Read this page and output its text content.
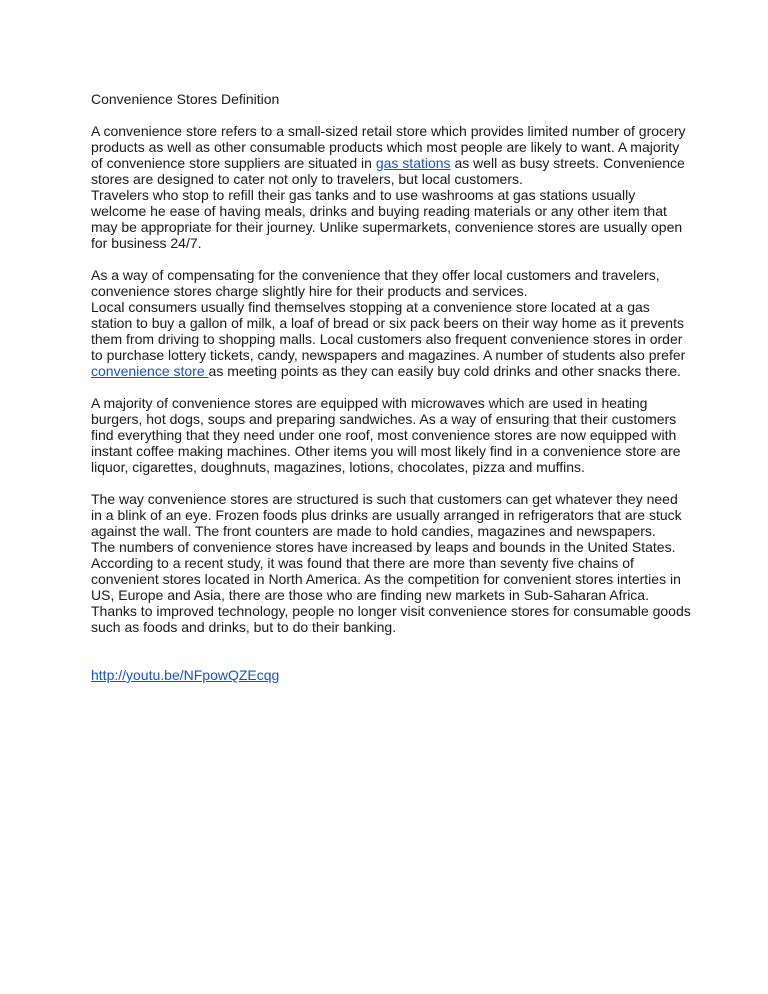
Convenience Stores Definition

A convenience store refers to a small-sized retail store which provides limited number of grocery products as well as other consumable products which most people are likely to want. A majority of convenience store suppliers are situated in gas stations as well as busy streets. Convenience stores are designed to cater not only to travelers, but local customers.

Travelers who stop to refill their gas tanks and to use washrooms at gas stations usually welcome he ease of having meals, drinks and buying reading materials or any other item that may be appropriate for their journey. Unlike supermarkets, convenience stores are usually open for business 24/7.

As a way of compensating for the convenience that they offer local customers and travelers, convenience stores charge slightly hire for their products and services.

Local consumers usually find themselves stopping at a convenience store located at a gas station to buy a gallon of milk, a loaf of bread or six pack beers on their way home as it prevents them from driving to shopping malls. Local customers also frequent convenience stores in order to purchase lottery tickets, candy, newspapers and magazines. A number of students also prefer convenience store as meeting points as they can easily buy cold drinks and other snacks there.

A majority of convenience stores are equipped with microwaves which are used in heating burgers, hot dogs, soups and preparing sandwiches. As a way of ensuring that their customers find everything that they need under one roof, most convenience stores are now equipped with instant coffee making machines. Other items you will most likely find in a convenience store are liquor, cigarettes, doughnuts, magazines, lotions, chocolates, pizza and muffins.

The way convenience stores are structured is such that customers can get whatever they need in a blink of an eye. Frozen foods plus drinks are usually arranged in refrigerators that are stuck against the wall. The front counters are made to hold candies, magazines and newspapers.

The numbers of convenience stores have increased by leaps and bounds in the United States. According to a recent study, it was found that there are more than seventy five chains of convenient stores located in North America. As the competition for convenient stores interties in US, Europe and Asia, there are those who are finding new markets in Sub-Saharan Africa. Thanks to improved technology, people no longer visit convenience stores for consumable goods such as foods and drinks, but to do their banking.

http://youtu.be/NFpowQZEcqg
